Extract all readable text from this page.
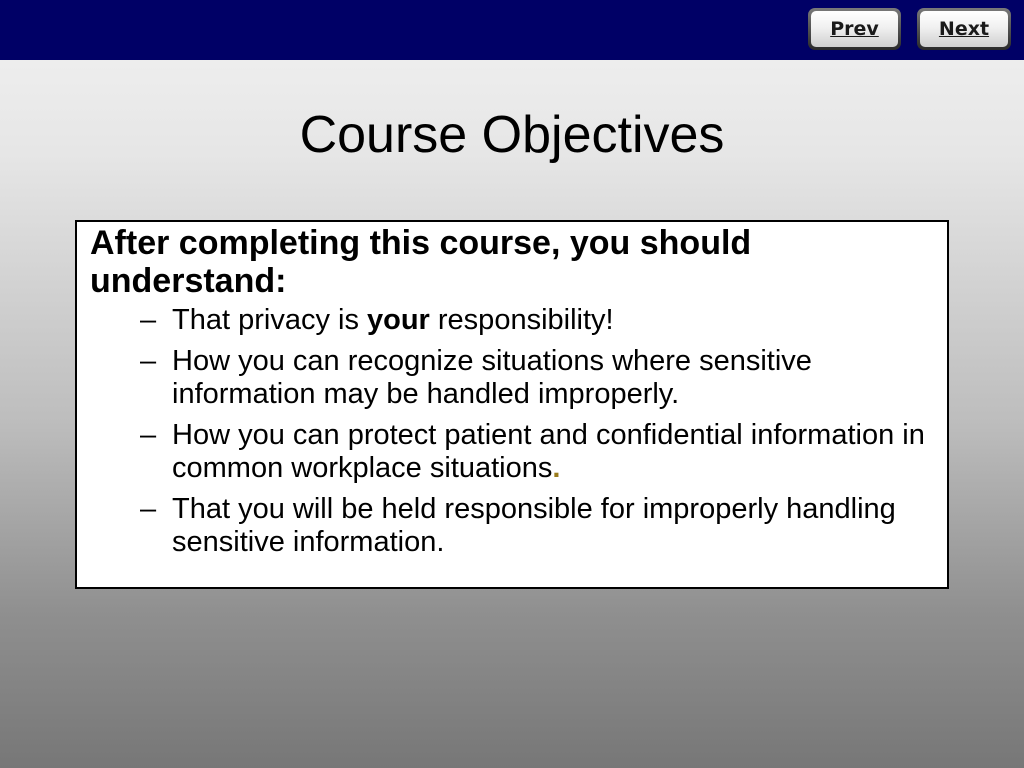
Prev	Next
Course Objectives
After completing this course, you should understand:
– That privacy is your responsibility!
– How you can recognize situations where sensitive information may be handled improperly.
– How you can protect patient and confidential information in common workplace situations.
– That you will be held responsible for improperly handling sensitive information.
